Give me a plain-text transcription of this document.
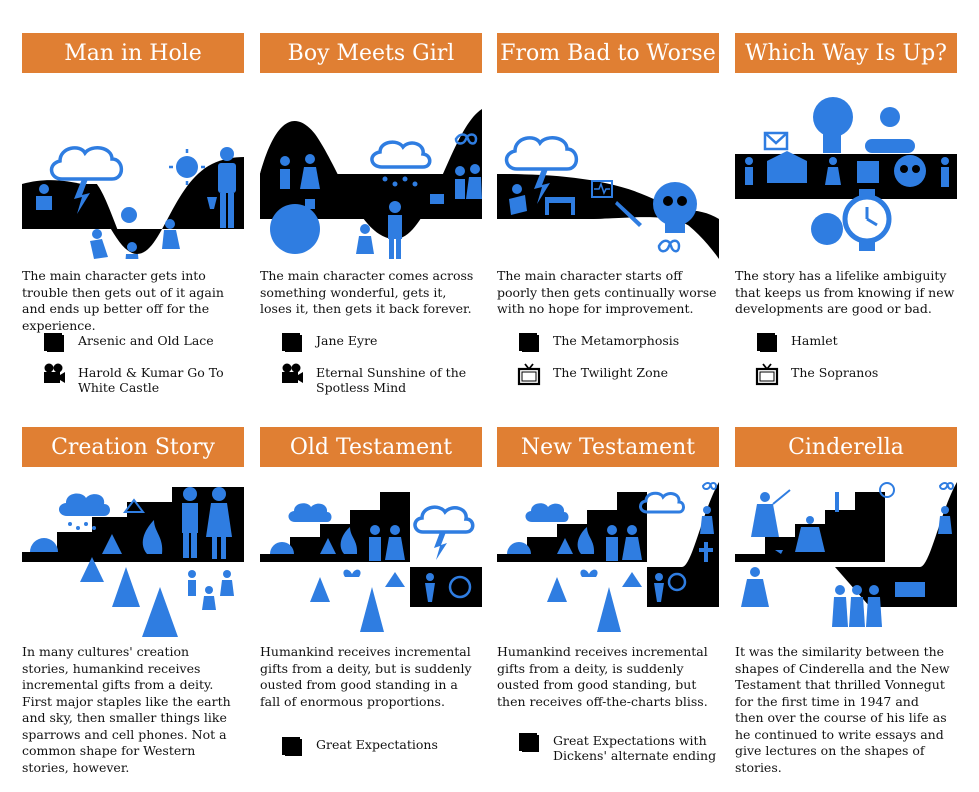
Man in Hole
The main character gets into trouble then gets out of it again and ends up better off for the experience.
Arsenic and Old Lace
Harold & Kumar Go To White Castle
Boy Meets Girl
The main character comes across something wonderful, gets it, loses it, then gets it back forever.
Jane Eyre
Eternal Sunshine of the Spotless Mind
From Bad to Worse
The main character starts off poorly then gets continually worse with no hope for improvement.
The Metamorphosis
The Twilight Zone
Which Way Is Up?
The story has a lifelike ambiguity that keeps us from knowing if new developments are good or bad.
Hamlet
The Sopranos
Creation Story
In many cultures' creation stories, humankind receives incremental gifts from a deity. First major staples like the earth and sky, then smaller things like sparrows and cell phones. Not a common shape for Western stories, however.
Old Testament
Humankind receives incremental gifts from a deity, but is suddenly ousted from good standing in a fall of enormous proportions.
Great Expectations
New Testament
Humankind receives incremental gifts from a deity, is suddenly ousted from good standing, but then receives off-the-charts bliss.
Great Expectations with Dickens' alternate ending
Cinderella
It was the similarity between the shapes of Cinderella and the New Testament that thrilled Vonnegut for the first time in 1947 and then over the course of his life as he continued to write essays and give lectures on the shapes of stories.
